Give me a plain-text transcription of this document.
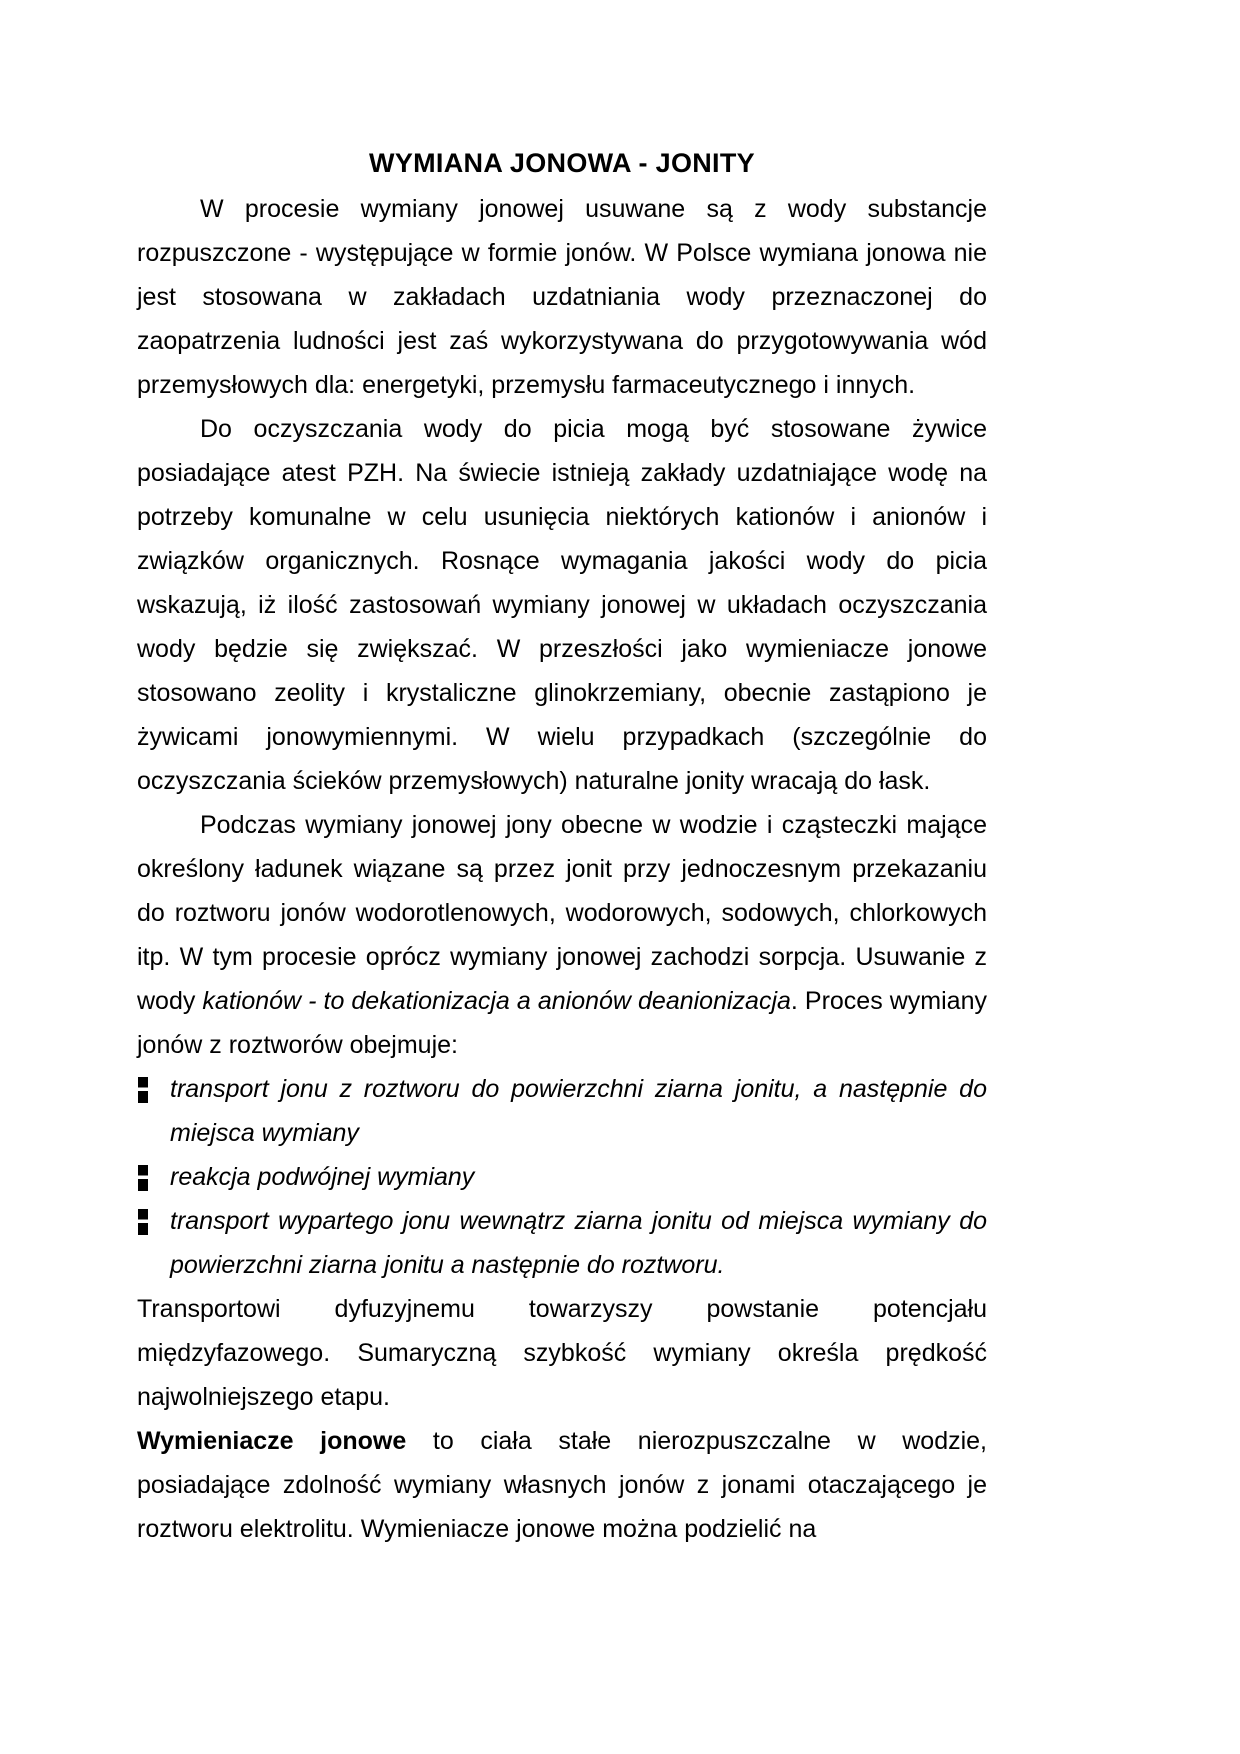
WYMIANA JONOWA - JONITY

W procesie wymiany jonowej usuwane są z wody substancje rozpuszczone - występujące w formie jonów. W Polsce wymiana jonowa nie jest stosowana w zakładach uzdatniania wody przeznaczonej do zaopatrzenia ludności jest zaś wykorzystywana do przygotowywania wód przemysłowych dla: energetyki, przemysłu farmaceutycznego i innych.

Do oczyszczania wody do picia mogą być stosowane żywice posiadające atest PZH. Na świecie istnieją zakłady uzdatniające wodę na potrzeby komunalne w celu usunięcia niektórych kationów i anionów i związków organicznych. Rosnące wymagania jakości wody do picia wskazują, iż ilość zastosowań wymiany jonowej w układach oczyszczania wody będzie się zwiększać. W przeszłości jako wymieniacze jonowe stosowano zeolity i krystaliczne glinokrzemiany, obecnie zastąpiono je żywicami jonowymiennymi. W wielu przypadkach (szczególnie do oczyszczania ścieków przemysłowych) naturalne jonity wracają do łask.

Podczas wymiany jonowej jony obecne w wodzie i cząsteczki mające określony ładunek wiązane są przez jonit przy jednoczesnym przekazaniu do roztworu jonów wodorotlenowych, wodorowych, sodowych, chlorkowych itp. W tym procesie oprócz wymiany jonowej zachodzi sorpcja. Usuwanie z wody kationów - to dekationizacja a anionów deanionizacja. Proces wymiany jonów z roztworów obejmuje:

transport jonu z roztworu do powierzchni ziarna jonitu, a następnie do miejsca wymiany
reakcja podwójnej wymiany
transport wypartego jonu wewnątrz ziarna jonitu od miejsca wymiany do powierzchni ziarna jonitu a następnie do roztworu.

Transportowi dyfuzyjnemu towarzyszy powstanie potencjału międzyfazowego. Sumaryczną szybkość wymiany określa prędkość najwolniejszego etapu.

Wymieniacze jonowe to ciała stałe nierozpuszczalne w wodzie, posiadające zdolność wymiany własnych jonów z jonami otaczającego je roztworu elektrolitu. Wymieniacze jonowe można podzielić na
